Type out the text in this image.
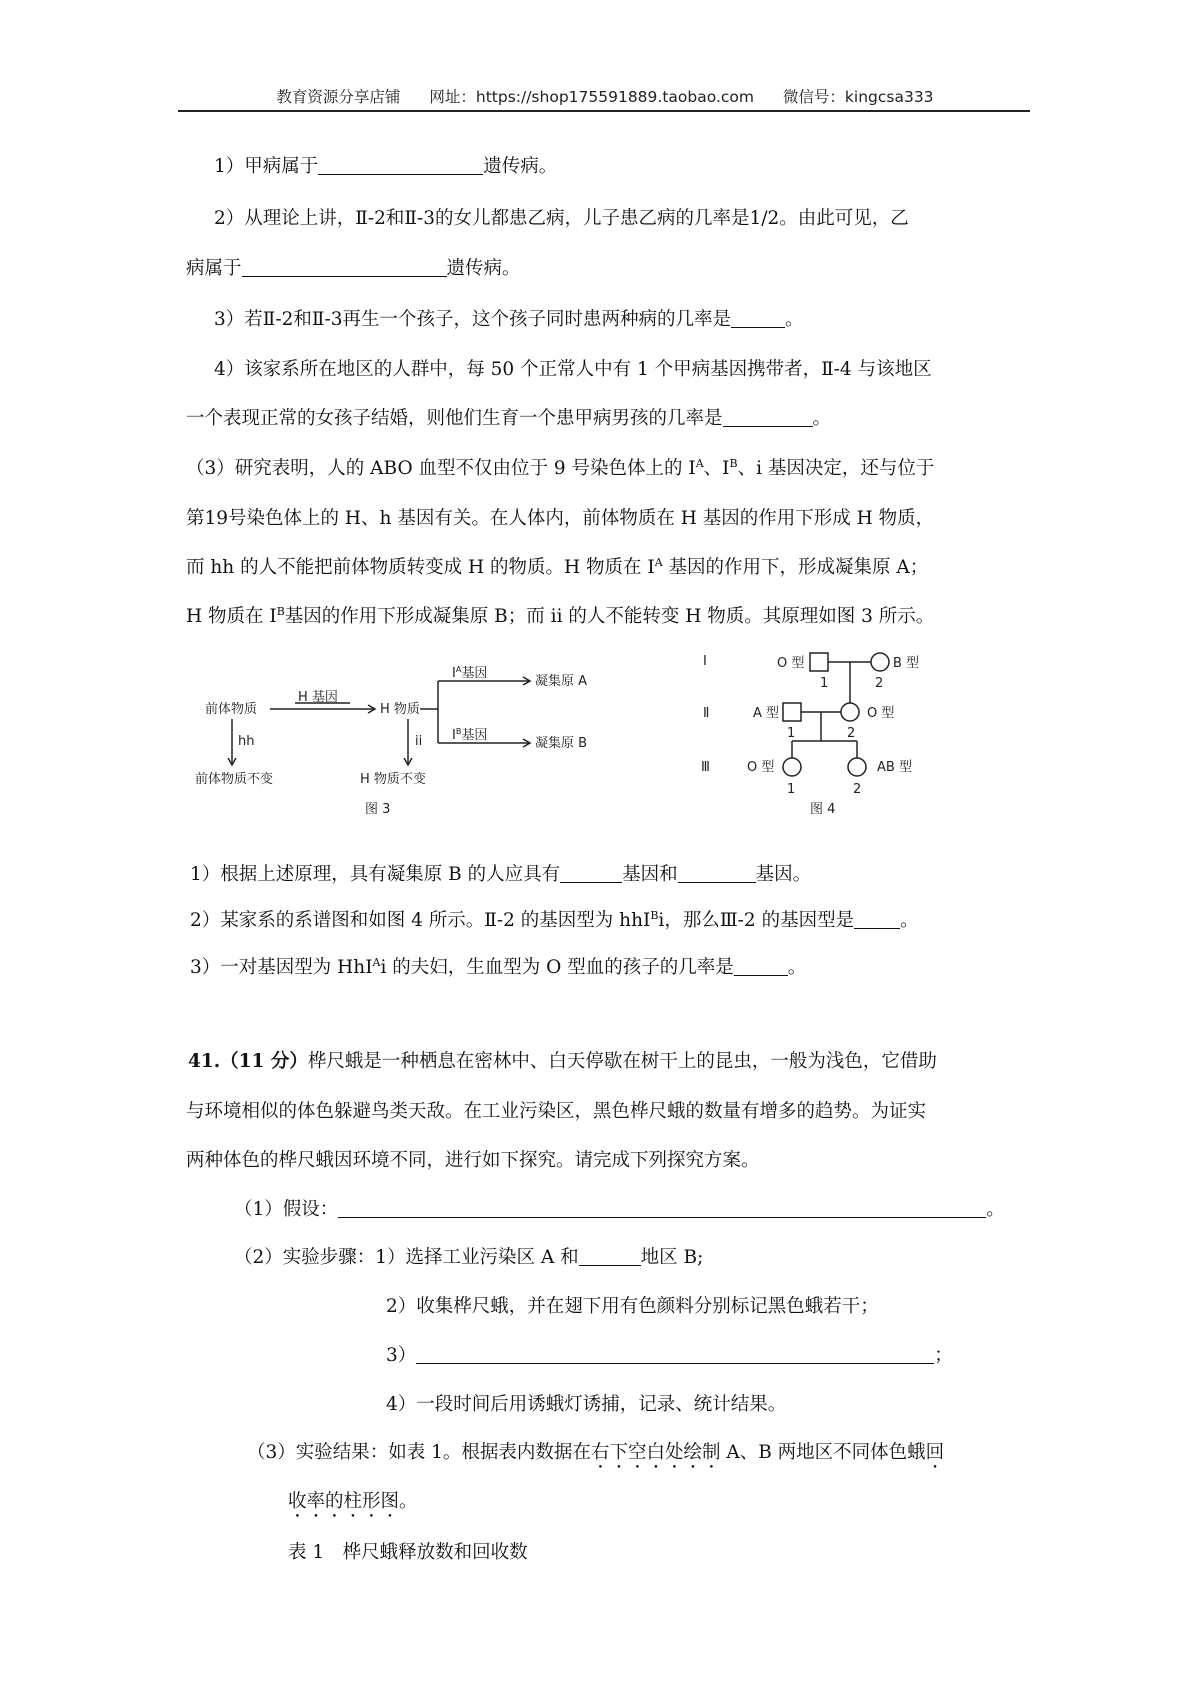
教育资源分享店铺 网址：https://shop175591889.taobao.com 微信号：kingcsa333
1）甲病属于	遗传病。
2）从理论上讲，Ⅱ-2和Ⅱ-3的女儿都患乙病，儿子患乙病的几率是1/2。由此可见，乙
病属于	遗传病。
3）若Ⅱ-2和Ⅱ-3再生一个孩子，这个孩子同时患两种病的几率是	。
4）该家系所在地区的人群中，每 50 个正常人中有 1 个甲病基因携带者，Ⅱ-4 与该地区
一个表现正常的女孩子结婚，则他们生育一个患甲病男孩的几率是	。
（3）研究表明，人的 ABO 血型不仅由位于 9 号染色体上的 $I^A$、$I^B$、i 基因决定，还与位于
第19号染色体上的 H、h 基因有关。在人体内，前体物质在 H 基因的作用下形成 H 物质，
而 hh 的人不能把前体物质转变成 H 的物质。H 物质在 $I^A$ 基因的作用下，形成凝集原 A；
H 物质在 $I^B$基因的作用下形成凝集原 B；而 ii 的人不能转变 H 物质。其原理如图 3 所示。
前体物质
H 基因
H 物质
$I^A$基因
$I^B$基因
凝集原 A
凝集原 B
hh	ii
前体物质不变	H 物质不变
图 3
Ⅰ
Ⅱ
Ⅲ
O 型
1
B 型
2
A 型
1
O 型
2
O 型
1
AB 型
2
图 4
1）根据上述原理，具有凝集原 B 的人应具有	基因和	基因。
2）某家系的系谱图和如图 4 所示。Ⅱ-2 的基因型为 hhI$^B$i，那么Ⅲ-2 的基因型是 。
3）一对基因型为 HhI$^A$i 的夫妇，生血型为 O 型血的孩子的几率是	。
41.（11 分）桦尺蛾是一种栖息在密林中、白天停歇在树干上的昆虫，一般为浅色，它借助
与环境相似的体色躲避鸟类天敌。在工业污染区，黑色桦尺蛾的数量有增多的趋势。为证实
两种体色的桦尺蛾因环境不同，进行如下探究。请完成下列探究方案。
（1）假设：	。
（2）实验步骤：1）选择工业污染区 A 和	地区 B;
2）收集桦尺蛾，并在翅下用有色颜料分别标记黑色蛾若干；
3）	；
4）一段时间后用诱蛾灯诱捕，记录、统计结果。
（3）实验结果：如表 1。根据表内数据在右下空白处绘制 A、B 两地区不同体色蛾回
收率的柱形图。
表 1　桦尺蛾释放数和回收数
